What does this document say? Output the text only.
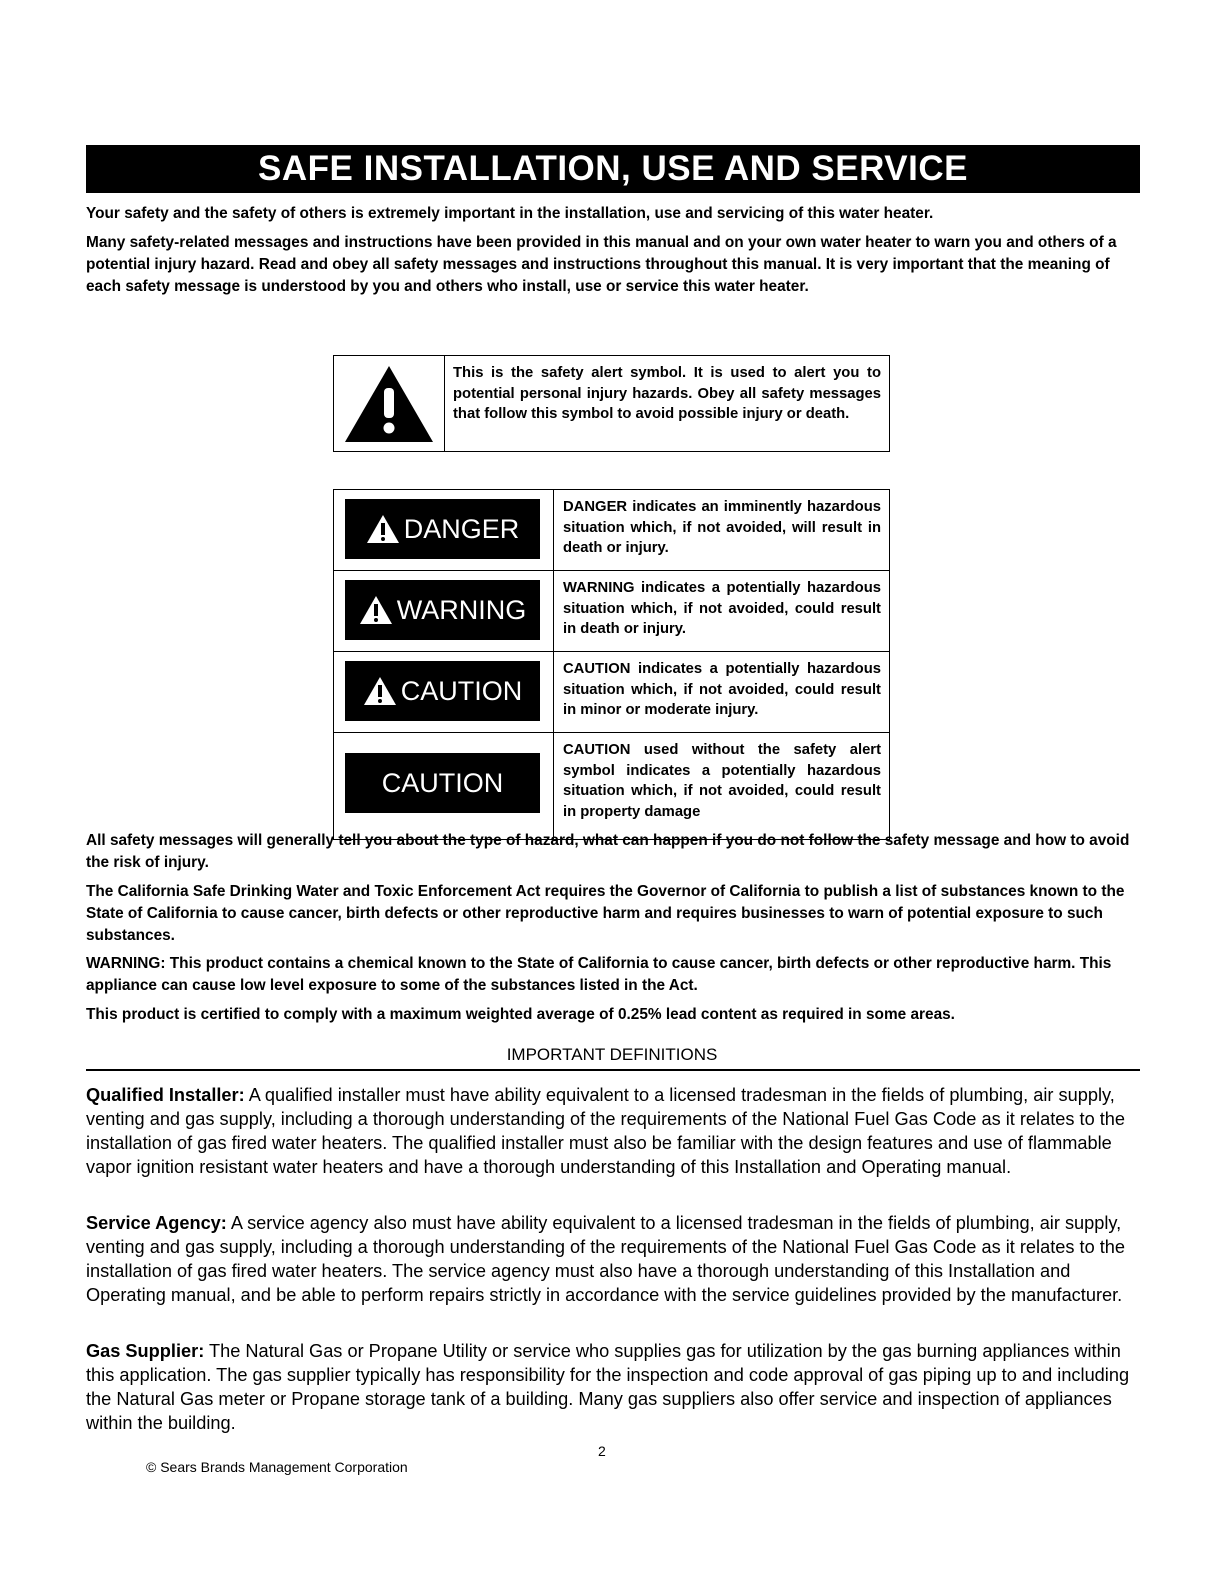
SAFE INSTALLATION, USE AND SERVICE

Your safety and the safety of others is extremely important in the installation, use and servicing of this water heater.

Many safety-related messages and instructions have been provided in this manual and on your own water heater to warn you and others of a potential injury hazard. Read and obey all safety messages and instructions throughout this manual. It is very important that the meaning of each safety message is understood by you and others who install, use or service this water heater.

This is the safety alert symbol. It is used to alert you to potential personal injury hazards. Obey all safety messages that follow this symbol to avoid possible injury or death.
DANGER
DANGER indicates an imminently hazardous situation which, if not avoided, will result in death or injury.
WARNING
WARNING indicates a potentially hazardous situation which, if not avoided, could result in death or injury.
CAUTION
CAUTION indicates a potentially hazardous situation which, if not avoided, could result in minor or moderate injury.
CAUTION
CAUTION used without the safety alert symbol indicates a potentially hazardous situation which, if not avoided, could result in property damage

All safety messages will generally tell you about the type of hazard, what can happen if you do not follow the safety message and how to avoid the risk of injury.

The California Safe Drinking Water and Toxic Enforcement Act requires the Governor of California to publish a list of substances known to the State of California to cause cancer, birth defects or other reproductive harm and requires businesses to warn of potential exposure to such substances.

WARNING: This product contains a chemical known to the State of California to cause cancer, birth defects or other reproductive harm. This appliance can cause low level exposure to some of the substances listed in the Act.

This product is certified to comply with a maximum weighted average of 0.25% lead content as required in some areas.

IMPORTANT DEFINITIONS

Qualified Installer: A qualified installer must have ability equivalent to a licensed tradesman in the fields of plumbing, air supply, venting and gas supply, including a thorough understanding of the requirements of the National Fuel Gas Code as it relates to the installation of gas fired water heaters. The qualified installer must also be familiar with the design features and use of flammable vapor ignition resistant water heaters and have a thorough understanding of this Installation and Operating manual.

Service Agency: A service agency also must have ability equivalent to a licensed tradesman in the fields of plumbing, air supply, venting and gas supply, including a thorough understanding of the requirements of the National Fuel Gas Code as it relates to the installation of gas fired water heaters. The service agency must also have a thorough understanding of this Installation and Operating manual, and be able to perform repairs strictly in accordance with the service guidelines provided by the manufacturer.

Gas Supplier: The Natural Gas or Propane Utility or service who supplies gas for utilization by the gas burning appliances within this application. The gas supplier typically has responsibility for the inspection and code approval of gas piping up to and including the Natural Gas meter or Propane storage tank of a building. Many gas suppliers also offer service and inspection of appliances within the building.

2
© Sears Brands Management Corporation
